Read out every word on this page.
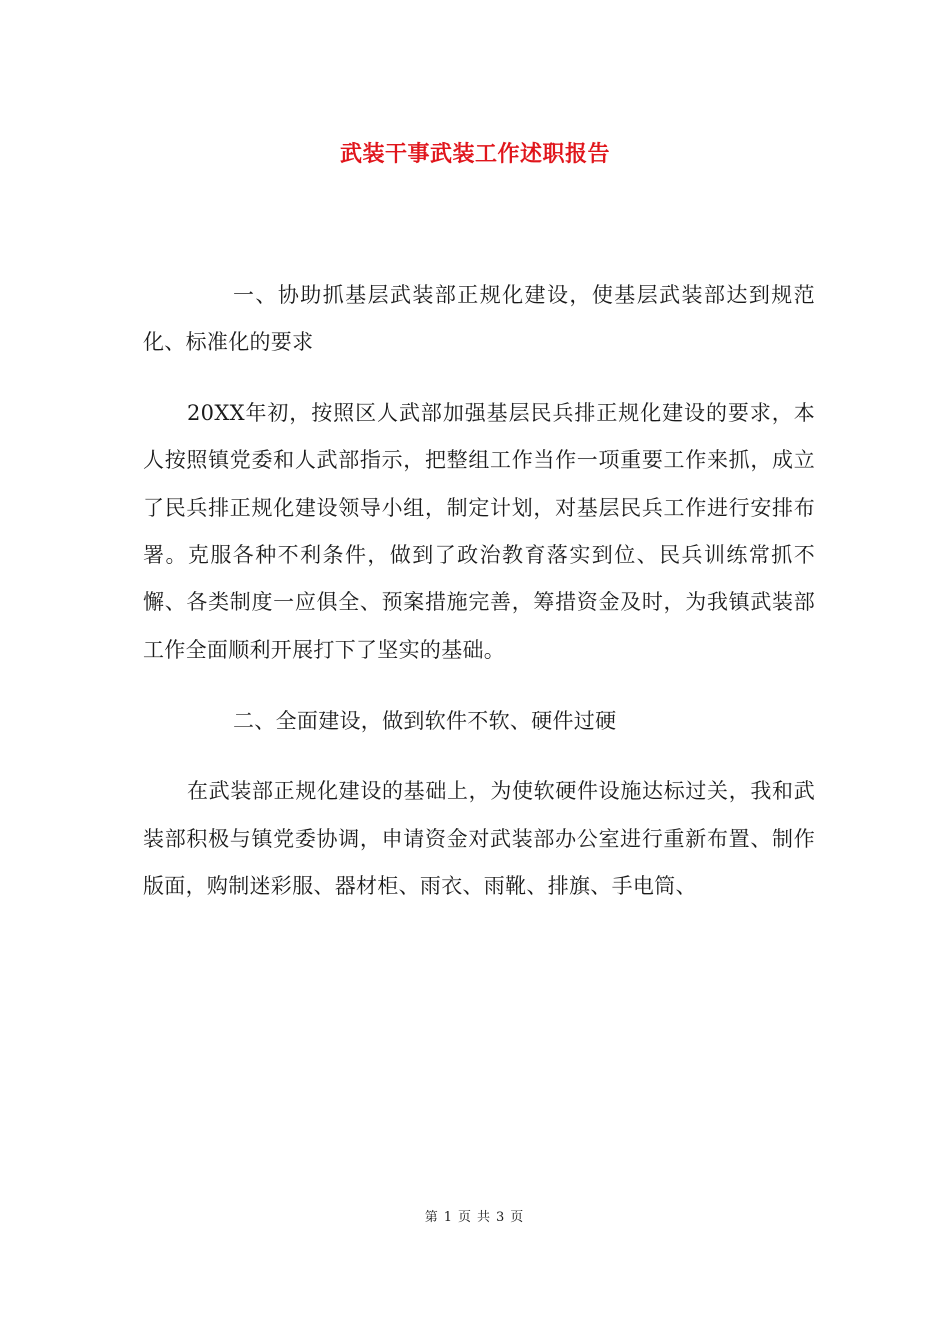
武装干事武装工作述职报告

一、协助抓基层武装部正规化建设，使基层武装部达到规范化、标准化的要求

20XX年初，按照区人武部加强基层民兵排正规化建设的要求，本人按照镇党委和人武部指示，把整组工作当作一项重要工作来抓，成立了民兵排正规化建设领导小组，制定计划，对基层民兵工作进行安排布署。克服各种不利条件，做到了政治教育落实到位、民兵训练常抓不懈、各类制度一应俱全、预案措施完善，筹措资金及时，为我镇武装部工作全面顺利开展打下了坚实的基础。

二、全面建设，做到软件不软、硬件过硬

在武装部正规化建设的基础上，为使软硬件设施达标过关，我和武装部积极与镇党委协调，申请资金对武装部办公室进行重新布置、制作版面，购制迷彩服、器材柜、雨衣、雨靴、排旗、手电筒、

第 1 页 共 3 页
